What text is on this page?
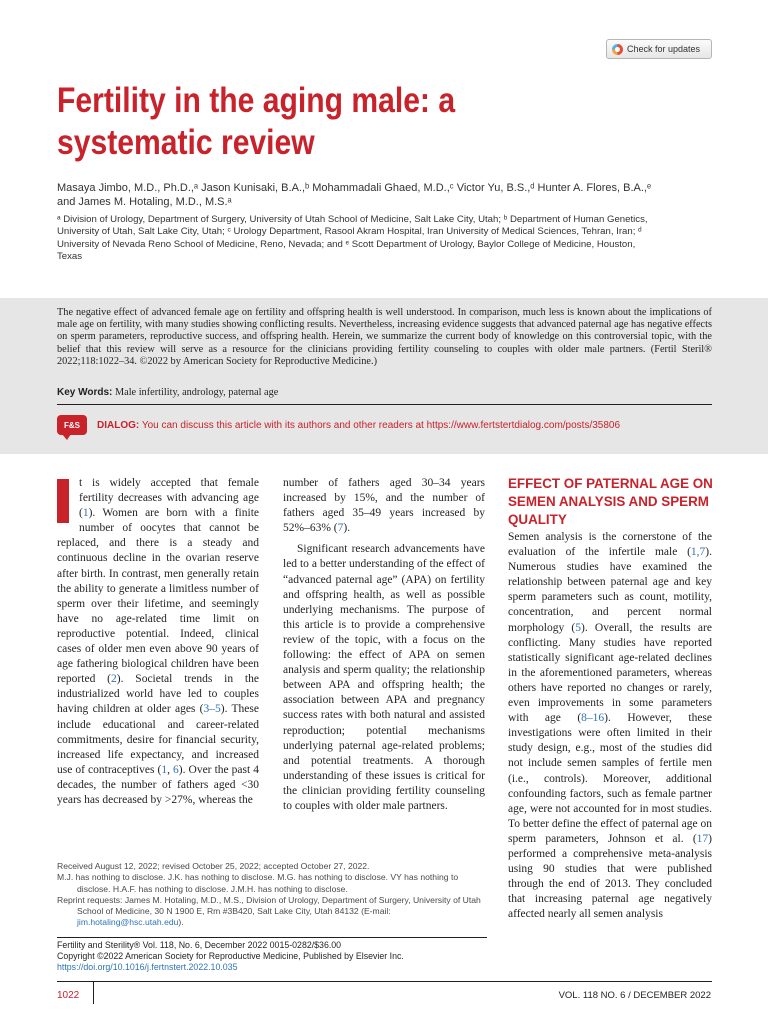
Check for updates
Fertility in the aging male: a systematic review
Masaya Jimbo, M.D., Ph.D.,ᵃ Jason Kunisaki, B.A.,ᵇ Mohammadali Ghaed, M.D.,ᶜ Victor Yu, B.S.,ᵈ Hunter A. Flores, B.A.,ᵉ and James M. Hotaling, M.D., M.S.ᵃ
ᵃ Division of Urology, Department of Surgery, University of Utah School of Medicine, Salt Lake City, Utah; ᵇ Department of Human Genetics, University of Utah, Salt Lake City, Utah; ᶜ Urology Department, Rasool Akram Hospital, Iran University of Medical Sciences, Tehran, Iran; ᵈ University of Nevada Reno School of Medicine, Reno, Nevada; and ᵉ Scott Department of Urology, Baylor College of Medicine, Houston, Texas

The negative effect of advanced female age on fertility and offspring health is well understood. In comparison, much less is known about the implications of male age on fertility, with many studies showing conflicting results. Nevertheless, increasing evidence suggests that advanced paternal age has negative effects on sperm parameters, reproductive success, and offspring health. Herein, we summarize the current body of knowledge on this controversial topic, with the belief that this review will serve as a resource for the clinicians providing fertility counseling to couples with older male partners. (Fertil Steril® 2022;118:1022–34. ©2022 by American Society for Reproductive Medicine.)

Key Words: Male infertility, andrology, paternal age

F&S	DIALOG: You can discuss this article with its authors and other readers at https://www.fertstertdialog.com/posts/35806

t is widely accepted that female fertility decreases with advancing age (1). Women are born with a finite number of oocytes that cannot be replaced, and there is a steady and continuous decline in the ovarian reserve after birth. In contrast, men generally retain the ability to generate a limitless number of sperm over their lifetime, and seemingly have no age-related time limit on reproductive potential. Indeed, clinical cases of older men even above 90 years of age fathering biological children have been reported (2). Societal trends in the industrialized world have led to couples having children at older ages (3–5). These include educational and career-related commitments, desire for financial security, increased life expectancy, and increased use of contraceptives (1, 6). Over the past 4 decades, the number of fathers aged <30 years has decreased by >27%, whereas the

number of fathers aged 30–34 years increased by 15%, and the number of fathers aged 35–49 years increased by 52%–63% (7).

Significant research advancements have led to a better understanding of the effect of “advanced paternal age” (APA) on fertility and offspring health, as well as possible underlying mechanisms. The purpose of this article is to provide a comprehensive review of the topic, with a focus on the following: the effect of APA on semen analysis and sperm quality; the relationship between APA and offspring health; the association between APA and pregnancy success rates with both natural and assisted reproduction; potential mechanisms underlying paternal age-related problems; and potential treatments. A thorough understanding of these issues is critical for the clinician providing fertility counseling to couples with older male partners.

EFFECT OF PATERNAL AGE ON SEMEN ANALYSIS AND SPERM QUALITY

Semen analysis is the cornerstone of the evaluation of the infertile male (1,7). Numerous studies have examined the relationship between paternal age and key sperm parameters such as count, motility, concentration, and percent normal morphology (5). Overall, the results are conflicting. Many studies have reported statistically significant age-related declines in the aforementioned parameters, whereas others have reported no changes or rarely, even improvements in some parameters with age (8–16). However, these investigations were often limited in their study design, e.g., most of the studies did not include semen samples of fertile men (i.e., controls). Moreover, additional confounding factors, such as female partner age, were not accounted for in most studies. To better define the effect of paternal age on sperm parameters, Johnson et al. (17) performed a comprehensive meta-analysis using 90 studies that were published through the end of 2013. They concluded that increasing paternal age negatively affected nearly all semen analysis

Received August 12, 2022; revised October 25, 2022; accepted October 27, 2022.

M.J. has nothing to disclose. J.K. has nothing to disclose. M.G. has nothing to disclose. VY has nothing to disclose. H.A.F. has nothing to disclose. J.M.H. has nothing to disclose.

Reprint requests: James M. Hotaling, M.D., M.S., Division of Urology, Department of Surgery, University of Utah School of Medicine, 30 N 1900 E, Rm #3B420, Salt Lake City, Utah 84132 (E-mail: jim.hotaling@hsc.utah.edu).

Fertility and Sterility® Vol. 118, No. 6, December 2022 0015-0282/$36.00

Copyright ©2022 American Society for Reproductive Medicine, Published by Elsevier Inc.

https://doi.org/10.1016/j.fertnstert.2022.10.035

1022	VOL. 118 NO. 6 / DECEMBER 2022
